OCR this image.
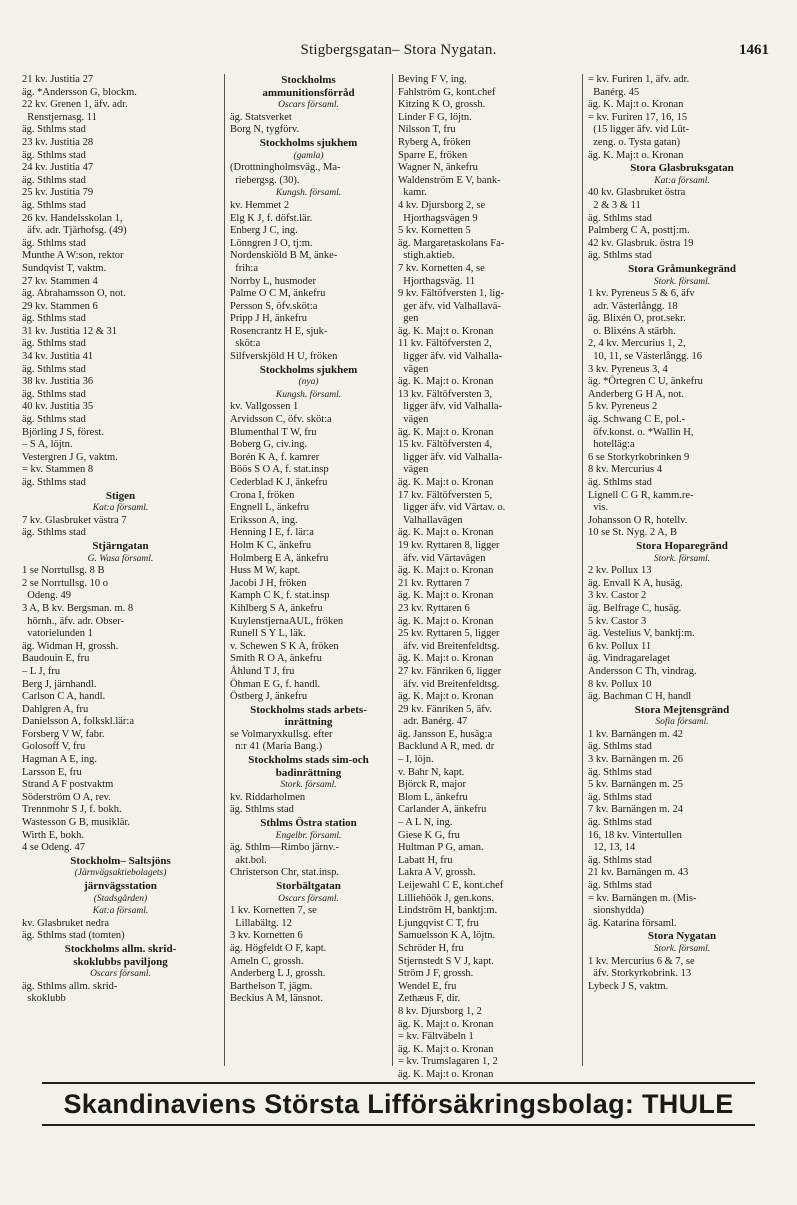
Stigbergsgatan– Stora Nygatan.	1461
21 kv. Justitia 27
äg. *Andersson G, blockm.
22 kv. Grenen 1, äfv. adr.
Renstjernasg. 11
äg. Sthlms stad
23 kv. Justitia 28
äg. Sthlms stad
24 kv. Justitia 47
äg. Sthlms stad
25 kv. Justitia 79
äg. Sthlms stad
26 kv. Handelsskolan 1,
äfv. adr. Tjärhofsg. (49)
äg. Sthlms stad
Munthe A W:son, rektor
Sundqvist T, vaktm.
27 kv. Stammen 4
äg. Abrahamsson O, not.
29 kv. Stammen 6
äg. Sthlms stad
31 kv. Justitia 12 & 31
äg. Sthlms stad
34 kv. Justitia 41
äg. Sthlms stad
38 kv. Justitia 36
äg. Sthlms stad
40 kv. Justitia 35
äg. Sthlms stad
Björling J S, förest.
– S A, löjtn.
Vestergren J G, vaktm.
= kv. Stammen 8
äg. Sthlms stad
Stigen
Kat:a församl.
7 kv. Glasbruket västra 7
äg. Sthlms stad
Stjärngatan
G. Wasa församl.
1 se Norrtullsg. 8 B
2 se Norrtullsg. 10 o
Odeng. 49
3 A, B kv. Bergsman. m. 8
hörnh., äfv. adr. Obser-
vatorielunden 1
äg. Widman H, grossh.
Baudouin E, fru
– L J, fru
Berg J, järnhandl.
Carlson C A, handl.
Dahlgren A, fru
Danielsson A, folkskl.lär:a
Forsberg V W, fabr.
Golosoff V, fru
Hagman A E, ing.
Larsson E, fru
Strand A F postvaktm
Söderström O A, rev.
Trennmohr S J, f. bokh.
Wastesson G B, musiklär.
Wirth E, bokh.
4 se Odeng. 47
Stockholm– Saltsjöns
(Järnvägsaktiebolagets)
järnvägsstation
(Stadsgården)
Kat:a församl.
kv. Glasbruket nedra
äg. Sthlms stad (tomten)
Stockholms allm. skrid-
skoklubbs paviljong
Oscars församl.
äg. Sthlms allm. skrid-
skoklubb
Stockholms
ammunitionsförråd
Oscars församl.
äg. Statsverket
Borg N, tygförv.
Stockholms sjukhem
(gamla)
(Drottningholmsväg., Ma-
riebergsg. (30).
Kungsh. församl.
kv. Hemmet 2
Elg K J, f. döfst.lär.
Enberg J C, ing.
Lönngren J O, tj:m.
Nordenskiöld B M, änke-
frih:a
Norrby L, husmoder
Palme O C M, änkefru
Persson S, öfv.sköt:a
Pripp J H, änkefru
Rosencrantz H E, sjuk-
sköt:a
Silfverskjöld H U, fröken
Stockholms sjukhem
(nya)
Kungsh. församl.
kv. Vallgossen 1
Arvidsson C, öfv. sköt:a
Blumenthal T W, fru
Boberg G, civ.ing.
Borén K A, f. kamrer
Böös S O A, f. stat.insp
Cederblad K J, änkefru
Crona I, fröken
Engnell L, änkefru
Eriksson A, ing.
Henning I E, f. lär:a
Holm K C, änkefru
Holmberg E A, änkefru
Huss M W, kapt.
Jacobi J H, fröken
Kamph C K, f. stat.insp
Kihlberg S A, änkefru
KuylenstjernaAUL, fröken
Runell S Y L, läk.
v. Schewen S K A, fröken
Smith R O A, änkefru
Åhlund T J, fru
Öhman E G, f. handl.
Östberg J, änkefru
Stockholms stads arbets-
inrättning
se Volmaryxkullsg. efter
n:r 41 (Maria Bang.)
Stockholms stads sim-och
badinrättning
Stork. församl.
kv. Riddarholmen
äg. Sthlms stad
Sthlms Östra station
Engelbr. församl.
äg. Sthlm—Rimbo järnv.-
akt.bol.
Christerson Chr, stat.insp.
Storbältgatan
Oscars församl.
1 kv. Kornetten 7, se
Lillabältg. 12
3 kv. Kornetten 6
äg. Högfeldt O F, kapt.
Ameln C, grossh.
Anderberg L J, grossh.
Barthelson T, jägm.
Beckius A M, länsnot.
Beving F V, ing.
Fahlström G, kont.chef
Kitzing K O, grossh.
Linder F G, löjtn.
Nilsson T, fru
Ryberg A, fröken
Sparre E, fröken
Wagner N, änkefru
Waldenström E V, bank-
kamr.
4 kv. Djursborg 2, se
Hjorthagsvägen 9
5 kv. Kornetten 5
äg. Margaretaskolans Fa-
stigh.aktieb.
7 kv. Kornetten 4, se
Hjorthagsväg. 11
9 kv. Fältöfversten 1, lig-
ger äfv. vid Valhallavä-
gen
äg. K. Maj:t o. Kronan
11 kv. Fältöfversten 2,
ligger äfv. vid Valhalla-
vägen
äg. K. Maj:t o. Kronan
13 kv. Fältöfversten 3,
ligger äfv. vid Valhalla-
vägen
äg. K. Maj:t o. Kronan
15 kv. Fältöfversten 4,
ligger äfv. vid Valhalla-
vägen
äg. K. Maj:t o. Kronan
17 kv. Fältöfversten 5,
ligger äfv. vid Värtav. o.
Valhallavägen
äg. K. Maj:t o. Kronan
19 kv. Ryttaren 8, ligger
äfv. vid Värtavägen
äg. K. Maj:t o. Kronan
21 kv. Ryttaren 7
äg. K. Maj:t o. Kronan
23 kv. Ryttaren 6
äg. K. Maj:t o. Kronan
25 kv. Ryttaren 5, ligger
äfv. vid Breitenfeldtsg.
äg. K. Maj:t o. Kronan
27 kv. Fänriken 6, ligger
äfv. vid Breitenfeldtsg.
äg. K. Maj:t o. Kronan
29 kv. Fänriken 5, äfv.
adr. Banérg. 47
äg. Jansson E, husäg:a
Backlund A R, med. dr
– I, löjn.
v. Bahr N, kapt.
Björck R, major
Blom L, änkefru
Carlander A, änkefru
– A L N, ing.
Giese K G, fru
Hultman P G, aman.
Labatt H, fru
Lakra A V, grossh.
Leijewahl C E, kont.chef
Lilliehöök J, gen.kons.
Lindström H, banktj:m.
Ljungqvist C T, fru
Samuelsson K A, löjtn.
Schröder H, fru
Stjernstedt S V J, kapt.
Ström J F, grossh.
Wendel E, fru
Zethæus F, dir.
8 kv. Djursborg 1, 2
äg. K. Maj:t o. Kronan
= kv. Fältväbeln 1
äg. K. Maj:t o. Kronan
= kv. Trumslagaren 1, 2
äg. K. Maj:t o. Kronan
= kv. Furiren 1, äfv. adr.
Banérg. 45
äg. K. Maj:t o. Kronan
= kv. Furiren 17, 16, 15
(15 ligger äfv. vid Lüt-
zeng. o. Tysta gatan)
äg. K. Maj:t o. Kronan
Stora Glasbruksgatan
Kat:a församl.
40 kv. Glasbruket östra
2 & 3 & 11
äg. Sthlms stad
Palmberg C A, posttj:m.
42 kv. Glasbruk. östra 19
äg. Sthlms stad
Stora Gråmunkegränd
Stork. församl.
1 kv. Pyreneus 5 & 6, äfv
adr. Västerlångg. 18
äg. Blixén O, prot.sekr.
o. Blixéns A stärbh.
2, 4 kv. Mercurius 1, 2,
10, 11, se Västerlångg. 16
3 kv. Pyreneus 3, 4
äg. *Örtegren C U, änkefru
Anderberg G H A, not.
5 kv. Pyreneus 2
äg. Schwang C E, pol.-
öfv.konst. o. *Wallin H,
hotelläg:a
6 se Storkyrkobrinken 9
8 kv. Mercurius 4
äg. Sthlms stad
Lignell C G R, kamm.re-
vis.
Johansson O R, hotellv.
10 se St. Nyg. 2 A, B
Stora Hoparegränd
Stork. församl.
2 kv. Pollux 13
äg. Envall K A, husäg.
3 kv. Castor 2
äg. Belfrage C, husäg.
5 kv. Castor 3
äg. Vestelius V, banktj:m.
6 kv. Pollux 11
äg. Vindragarelaget
Andersson C Th, vindrag.
8 kv. Pollux 10
äg. Bachman C H, handl
Stora Mejtensgränd
Sofia församl.
1 kv. Barnängen m. 42
äg. Sthlms stad
3 kv. Barnängen m. 26
äg. Sthlms stad
5 kv. Barnängen m. 25
äg. Sthlms stad
7 kv. Barnängen m. 24
äg. Sthlms stad
16, 18 kv. Vintertullen
12, 13, 14
äg. Sthlms stad
21 kv. Barnängen m. 43
äg. Sthlms stad
= kv. Barnängen m. (Mis-
sionshydda)
äg. Katarina församl.
Stora Nygatan
Stork. församl.
1 kv. Mercurius 6 & 7, se
äfv. Storkyrkobrink. 13
Lybeck J S, vaktm.
Skandinaviens Största Lifförsäkringsbolag: THULE
